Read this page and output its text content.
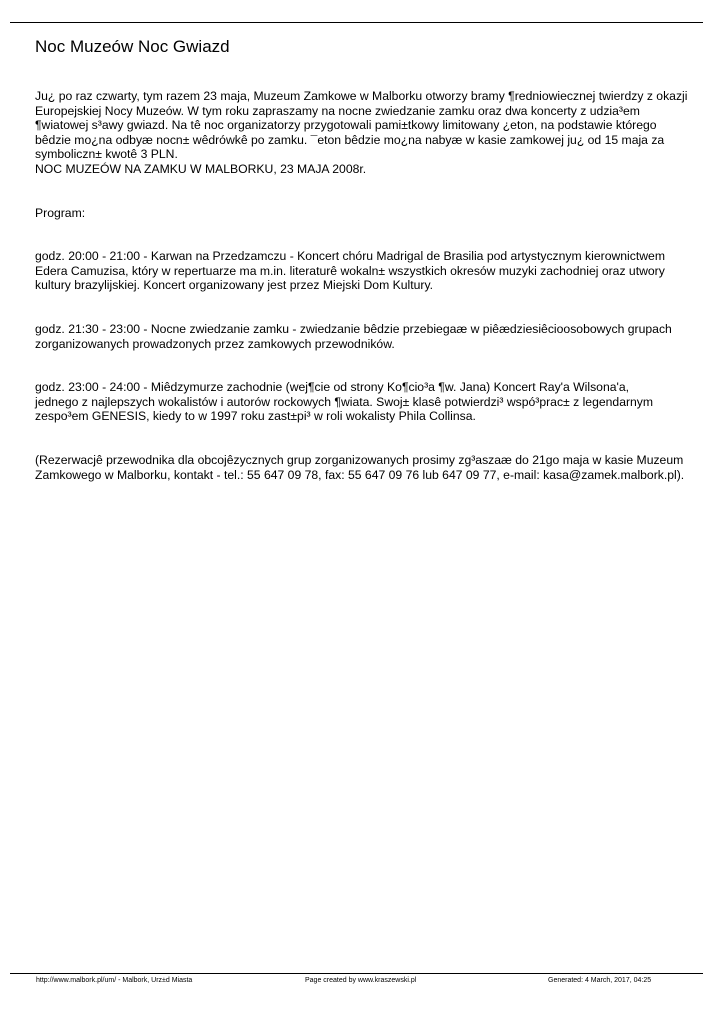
Noc Muzeów Noc Gwiazd

Ju¿ po raz czwarty, tym razem 23 maja, Muzeum Zamkowe w Malborku otworzy bramy ¶redniowiecznej twierdzy z okazji

Europejskiej Nocy Muzeów. W tym roku zapraszamy na nocne zwiedzanie zamku oraz dwa koncerty z udzia³em

¶wiatowej s³awy gwiazd. Na tê noc organizatorzy przygotowali pami±tkowy limitowany ¿eton, na podstawie którego

bêdzie mo¿na odbyæ nocn± wêdrówkê po zamku. ¯eton bêdzie mo¿na nabyæ w kasie zamkowej ju¿ od 15 maja za

symboliczn± kwotê 3 PLN.

NOC MUZEÓW NA ZAMKU W MALBORKU, 23 MAJA 2008r.

Program:

godz. 20:00 - 21:00 - Karwan na Przedzamczu - Koncert chóru Madrigal de Brasilia pod artystycznym kierownictwem

Edera Camuzisa, który w repertuarze ma m.in. literaturê wokaln± wszystkich okresów muzyki zachodniej oraz utwory

kultury brazylijskiej. Koncert organizowany jest przez Miejski Dom Kultury.

godz. 21:30 - 23:00 - Nocne zwiedzanie zamku - zwiedzanie bêdzie przebiegaæ w piêædziesiêcioosobowych grupach

zorganizowanych prowadzonych przez zamkowych przewodników.

godz. 23:00 - 24:00 - Miêdzymurze zachodnie (wej¶cie od strony Ko¶cio³a ¶w. Jana) Koncert Ray'a Wilsona'a,

jednego z najlepszych wokalistów i autorów rockowych ¶wiata. Swoj± klasê potwierdzi³ wspó³prac± z legendarnym

zespo³em GENESIS, kiedy to w 1997 roku zast±pi³ w roli wokalisty Phila Collinsa.

(Rezerwacjê przewodnika dla obcojêzycznych grup zorganizowanych prosimy zg³aszaæ do 21go maja w kasie Muzeum

Zamkowego w Malborku, kontakt - tel.: 55 647 09 78, fax: 55 647 09 76 lub 647 09 77, e-mail: kasa@zamek.malbork.pl).

http://www.malbork.pl/um/ - Malbork, Urz±d Miasta	Page created by www.kraszewski.pl	Generated: 4 March, 2017, 04:25
